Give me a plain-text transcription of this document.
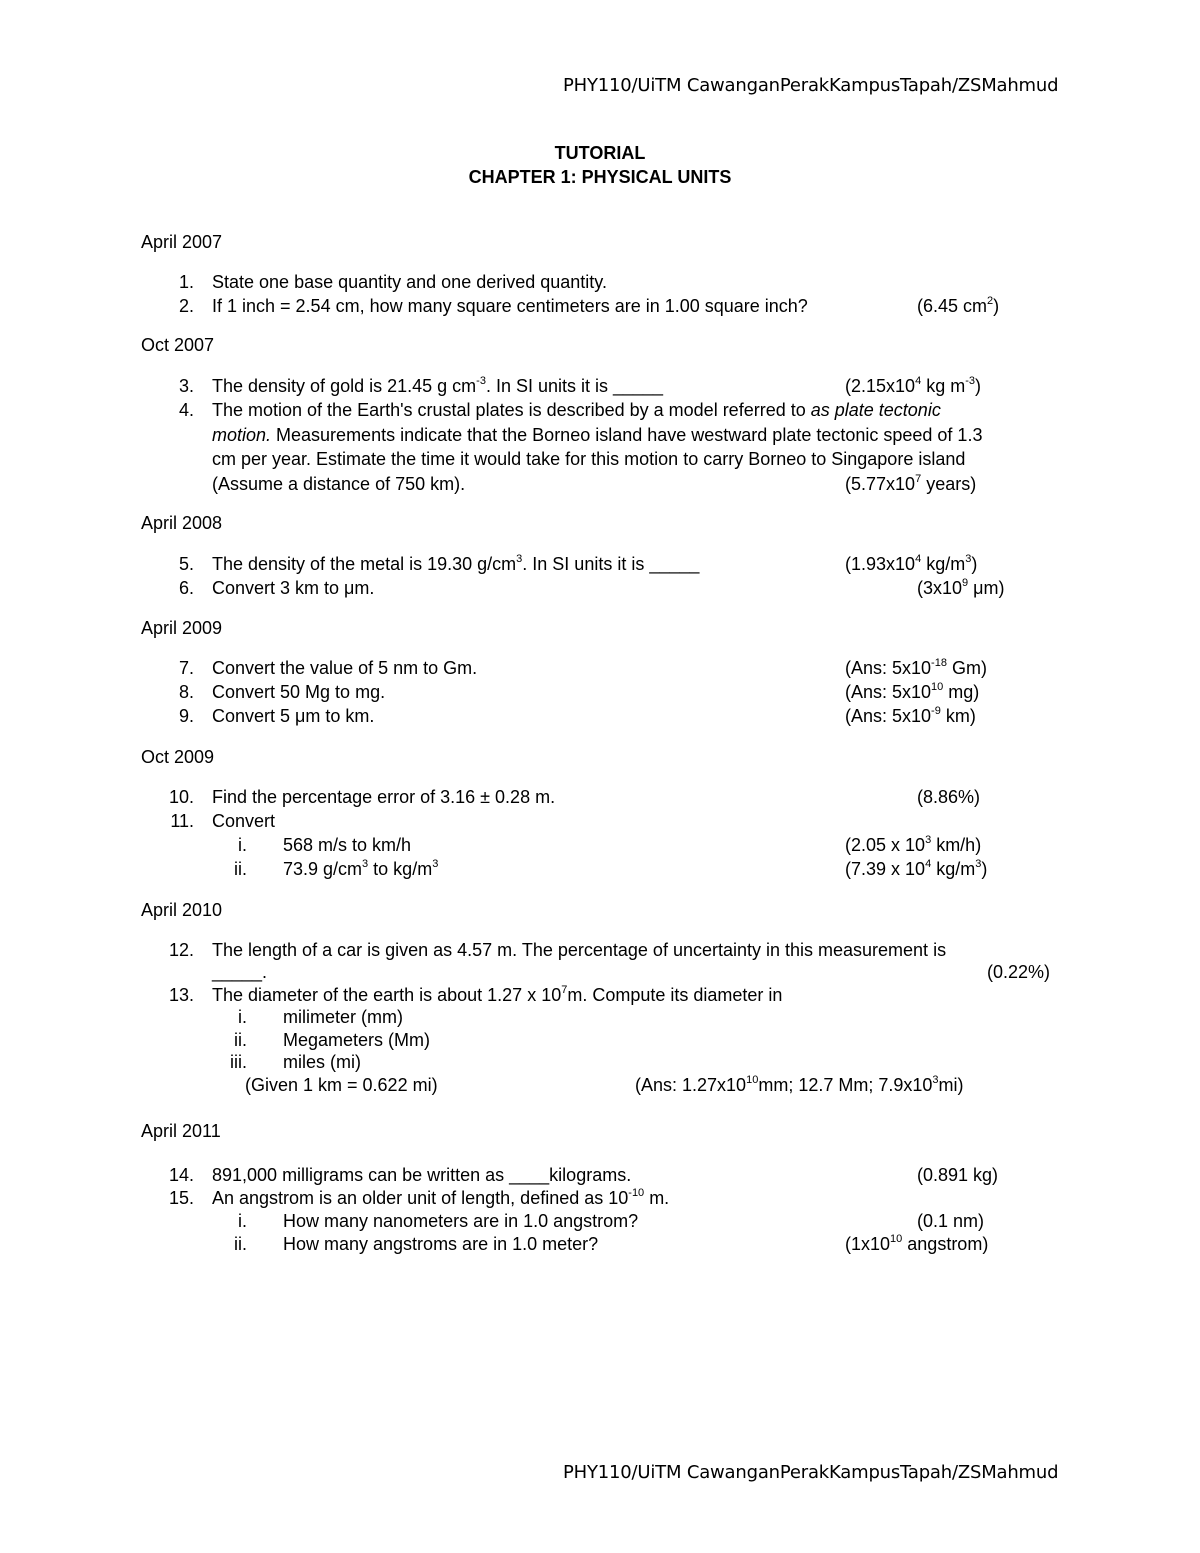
PHY110/UiTM CawanganPerakKampusTapah/ZSMahmud
TUTORIAL
CHAPTER 1: PHYSICAL UNITS
April 2007
1. State one base quantity and one derived quantity.
2. If 1 inch = 2.54 cm, how many square centimeters are in 1.00 square inch?	(6.45 $cm^2$)
Oct 2007
3. The density of gold is 21.45 g $cm^{-3}$. In SI units it is _____	($2.15x10^4$ kg $m^{-3}$)
4. The motion of the Earth's crustal plates is described by a model referred to as plate tectonic
motion. Measurements indicate that the Borneo island have westward plate tectonic speed of 1.3
cm per year. Estimate the time it would take for this motion to carry Borneo to Singapore island
(Assume a distance of 750 km).	($5.77x10^7$ years)
April 2008
5. The density of the metal is 19.30 $g/cm^3$. In SI units it is _____	($1.93x10^4$ $kg/m^3$)
6. Convert 3 km to μm.	($3x10^9$ μm)
April 2009
7. Convert the value of 5 nm to Gm.	(Ans: $5x10^{-18}$ Gm)
8. Convert 50 Mg to mg.	(Ans: $5x10^{10}$ mg)
9. Convert 5 μm to km.	(Ans: $5x10^{-9}$ km)
Oct 2009
10. Find the percentage error of 3.16 ± 0.28 m.	(8.86%)
11. Convert
i. 568 m/s to km/h	(2.05 x $10^3$ km/h)
ii. 73.9 $g/cm^3$ to $kg/m^3$	(7.39 x $10^4$ $kg/m^3$)
April 2010
12. The length of a car is given as 4.57 m. The percentage of uncertainty in this measurement is
_____.	(0.22%)
13. The diameter of the earth is about 1.27 x $10^7m$. Compute its diameter in
i. milimeter (mm)
ii. Megameters (Mm)
iii. miles (mi)
(Given 1 km = 0.622 mi)	(Ans: $1.27x10^{10}mm$; 12.7 Mm; $7.9x10^3mi$)
April 2011
14. 891,000 milligrams can be written as ____kilograms.	(0.891 kg)
15. An angstrom is an older unit of length, defined as $10^{-10}$ m.
i. How many nanometers are in 1.0 angstrom?	(0.1 nm)
ii. How many angstroms are in 1.0 meter?	($1x10^{10}$ angstrom)
PHY110/UiTM CawanganPerakKampusTapah/ZSMahmud
